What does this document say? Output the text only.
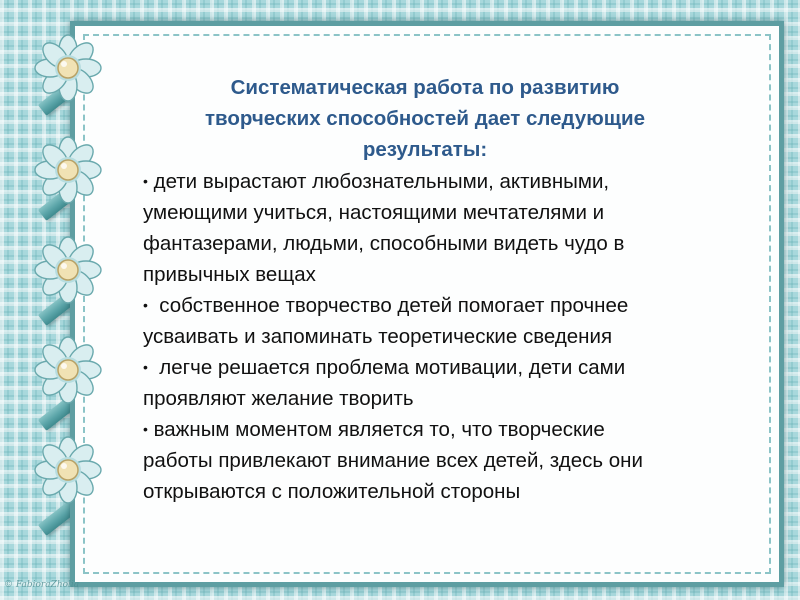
Систематическая работа по развитию творческих способностей дает следующие результаты:

• дети вырастают любознательными, активными,
умеющими учиться, настоящими мечтателями и
фантазерами, людьми, способными видеть чудо в
привычных вещах

•  собственное творчество детей помогает прочнее
усваивать и запоминать теоретические сведения

•  легче решается проблема мотивации, дети сами
проявляют желание творить

• важным моментом является то, что творческие
работы привлекают внимание всех детей, здесь они
открываются с положительной стороны

© FabioraZholia
